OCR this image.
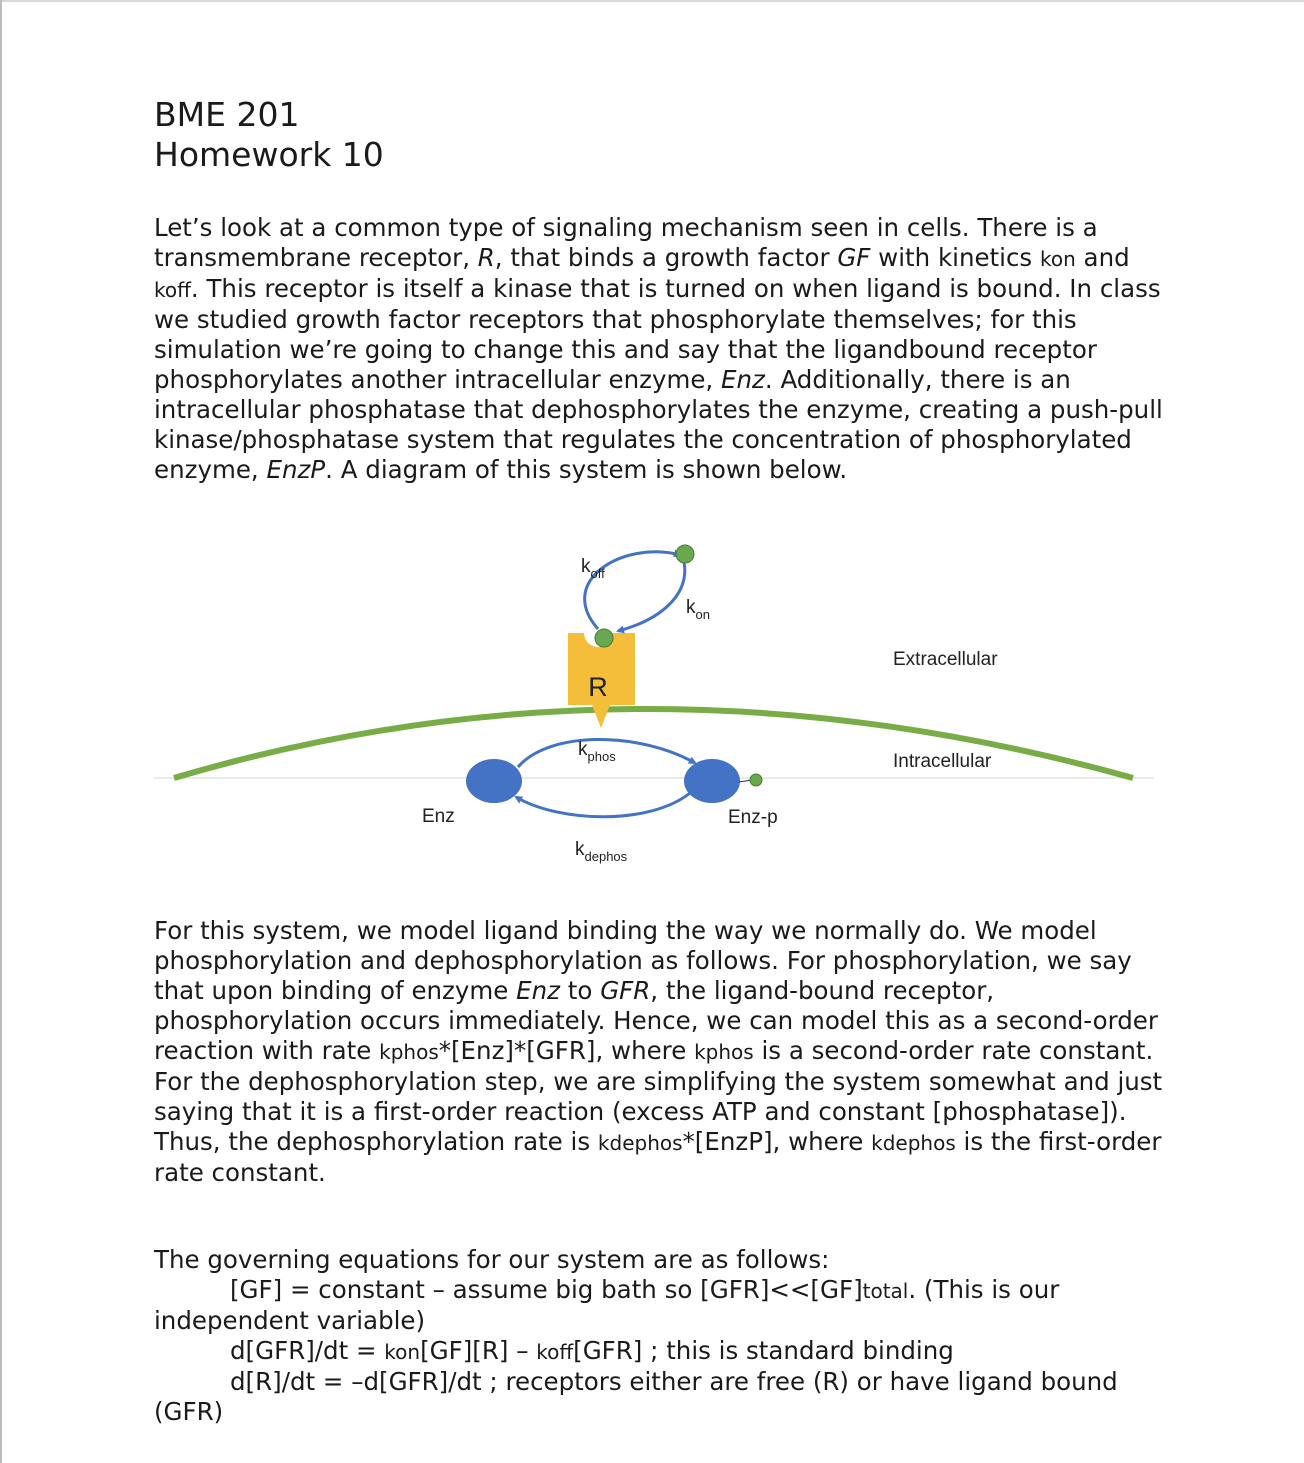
BME 201
Homework 10

Let’s look at a common type of signaling mechanism seen in cells. There is a transmembrane receptor, R, that binds a growth factor GF with kinetics kon and koff. This receptor is itself a kinase that is turned on when ligand is bound. In class we studied growth factor receptors that phosphorylate themselves; for this simulation we’re going to change this and say that the ligandbound receptor phosphorylates another intracellular enzyme, Enz. Additionally, there is an intracellular phosphatase that dephosphorylates the enzyme, creating a push-pull kinase/phosphatase system that regulates the concentration of phosphorylated enzyme, EnzP. A diagram of this system is shown below.

R
$k_{off}$
$k_{on}$
Extracellular
Intracellular
$k_{phos}$
$k_{dephos}$
Enz	Enz-p

For this system, we model ligand binding the way we normally do. We model phosphorylation and dephosphorylation as follows. For phosphorylation, we say that upon binding of enzyme Enz to GFR, the ligand-bound receptor, phosphorylation occurs immediately. Hence, we can model this as a second-order reaction with rate kphos*[Enz]*[GFR], where kphos is a second-order rate constant. For the dephosphorylation step, we are simplifying the system somewhat and just saying that it is a first-order reaction (excess ATP and constant [phosphatase]). Thus, the dephosphorylation rate is kdephos*[EnzP], where kdephos is the first-order rate constant.

The governing equations for our system are as follows:
[GF] = constant – assume big bath so [GFR]<<[GF]total. (This is our independent variable)
d[GFR]/dt = kon[GF][R] – koff[GFR] ; this is standard binding
d[R]/dt = –d[GFR]/dt ; receptors either are free (R) or have ligand bound (GFR)
